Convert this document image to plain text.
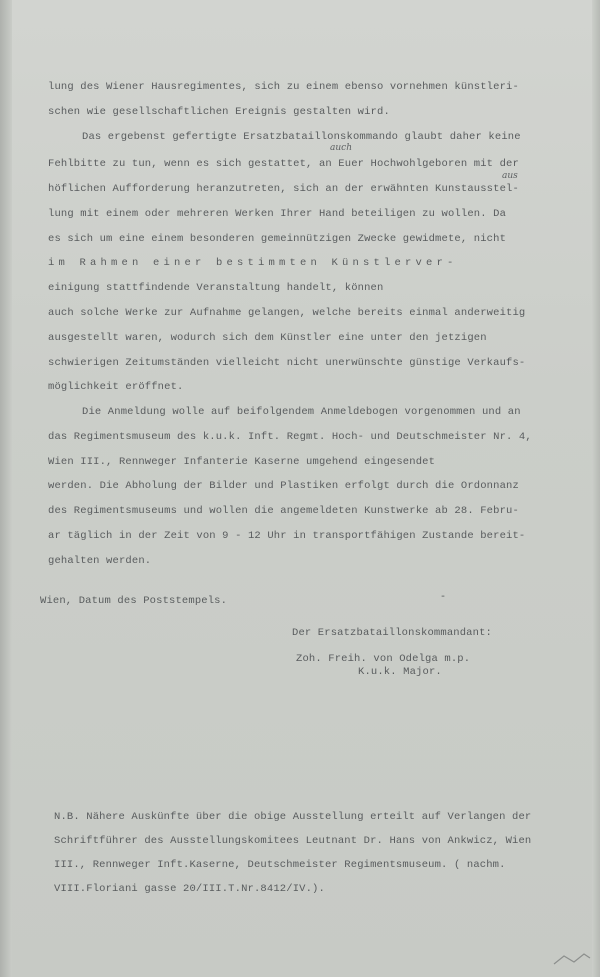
lung des Wiener Hausregimentes, sich zu einem ebenso vornehmen künstleri-
schen wie gesellschaftlichen Ereignis gestalten wird.
Das ergebenst gefertigte Ersatzbataillonskommando glaubt daher keine
auch
Fehlbitte zu tun, wenn es sich gestattet, an Euer Hochwohlgeboren mit der
aus
höflichen Aufforderung heranzutreten, sich an der erwähnten Kunstausstel-
lung mit einem oder mehreren Werken Ihrer Hand beteiligen zu wollen. Da
es sich um eine einem besonderen gemeinnützigen Zwecke gewidmete, nicht
im Rahmen einer bestimmten Künstlerver-
einigung stattfindende Veranstaltung handelt, können
auch solche Werke zur Aufnahme gelangen, welche bereits einmal anderweitig
ausgestellt waren, wodurch sich dem Künstler eine unter den jetzigen
schwierigen Zeitumständen vielleicht nicht unerwünschte günstige Verkaufs-
möglichkeit eröffnet.
Die Anmeldung wolle auf beifolgendem Anmeldebogen vorgenommen und an
das Regimentsmuseum des k.u.k. Inft. Regmt. Hoch- und Deutschmeister Nr. 4,
Wien III., Rennweger Infanterie Kaserne umgehend eingesendet
werden. Die Abholung der Bilder und Plastiken erfolgt durch die Ordonnanz
des Regimentsmuseums und wollen die angemeldeten Kunstwerke ab 28. Febru-
ar täglich in der Zeit von 9 - 12 Uhr in transportfähigen Zustande bereit-
gehalten werden.
Wien, Datum des Poststempels.	-
Der Ersatzbataillonskommandant:
Zoh. Freih. von Odelga m.p.
K.u.k. Major.
N.B. Nähere Auskünfte über die obige Ausstellung erteilt auf Verlangen der
Schriftführer des Ausstellungskomitees Leutnant Dr. Hans von Ankwicz, Wien
III., Rennweger Inft.Kaserne, Deutschmeister Regimentsmuseum. ( nachm.
VIII.Floriani gasse 20/III.T.Nr.8412/IV.).
